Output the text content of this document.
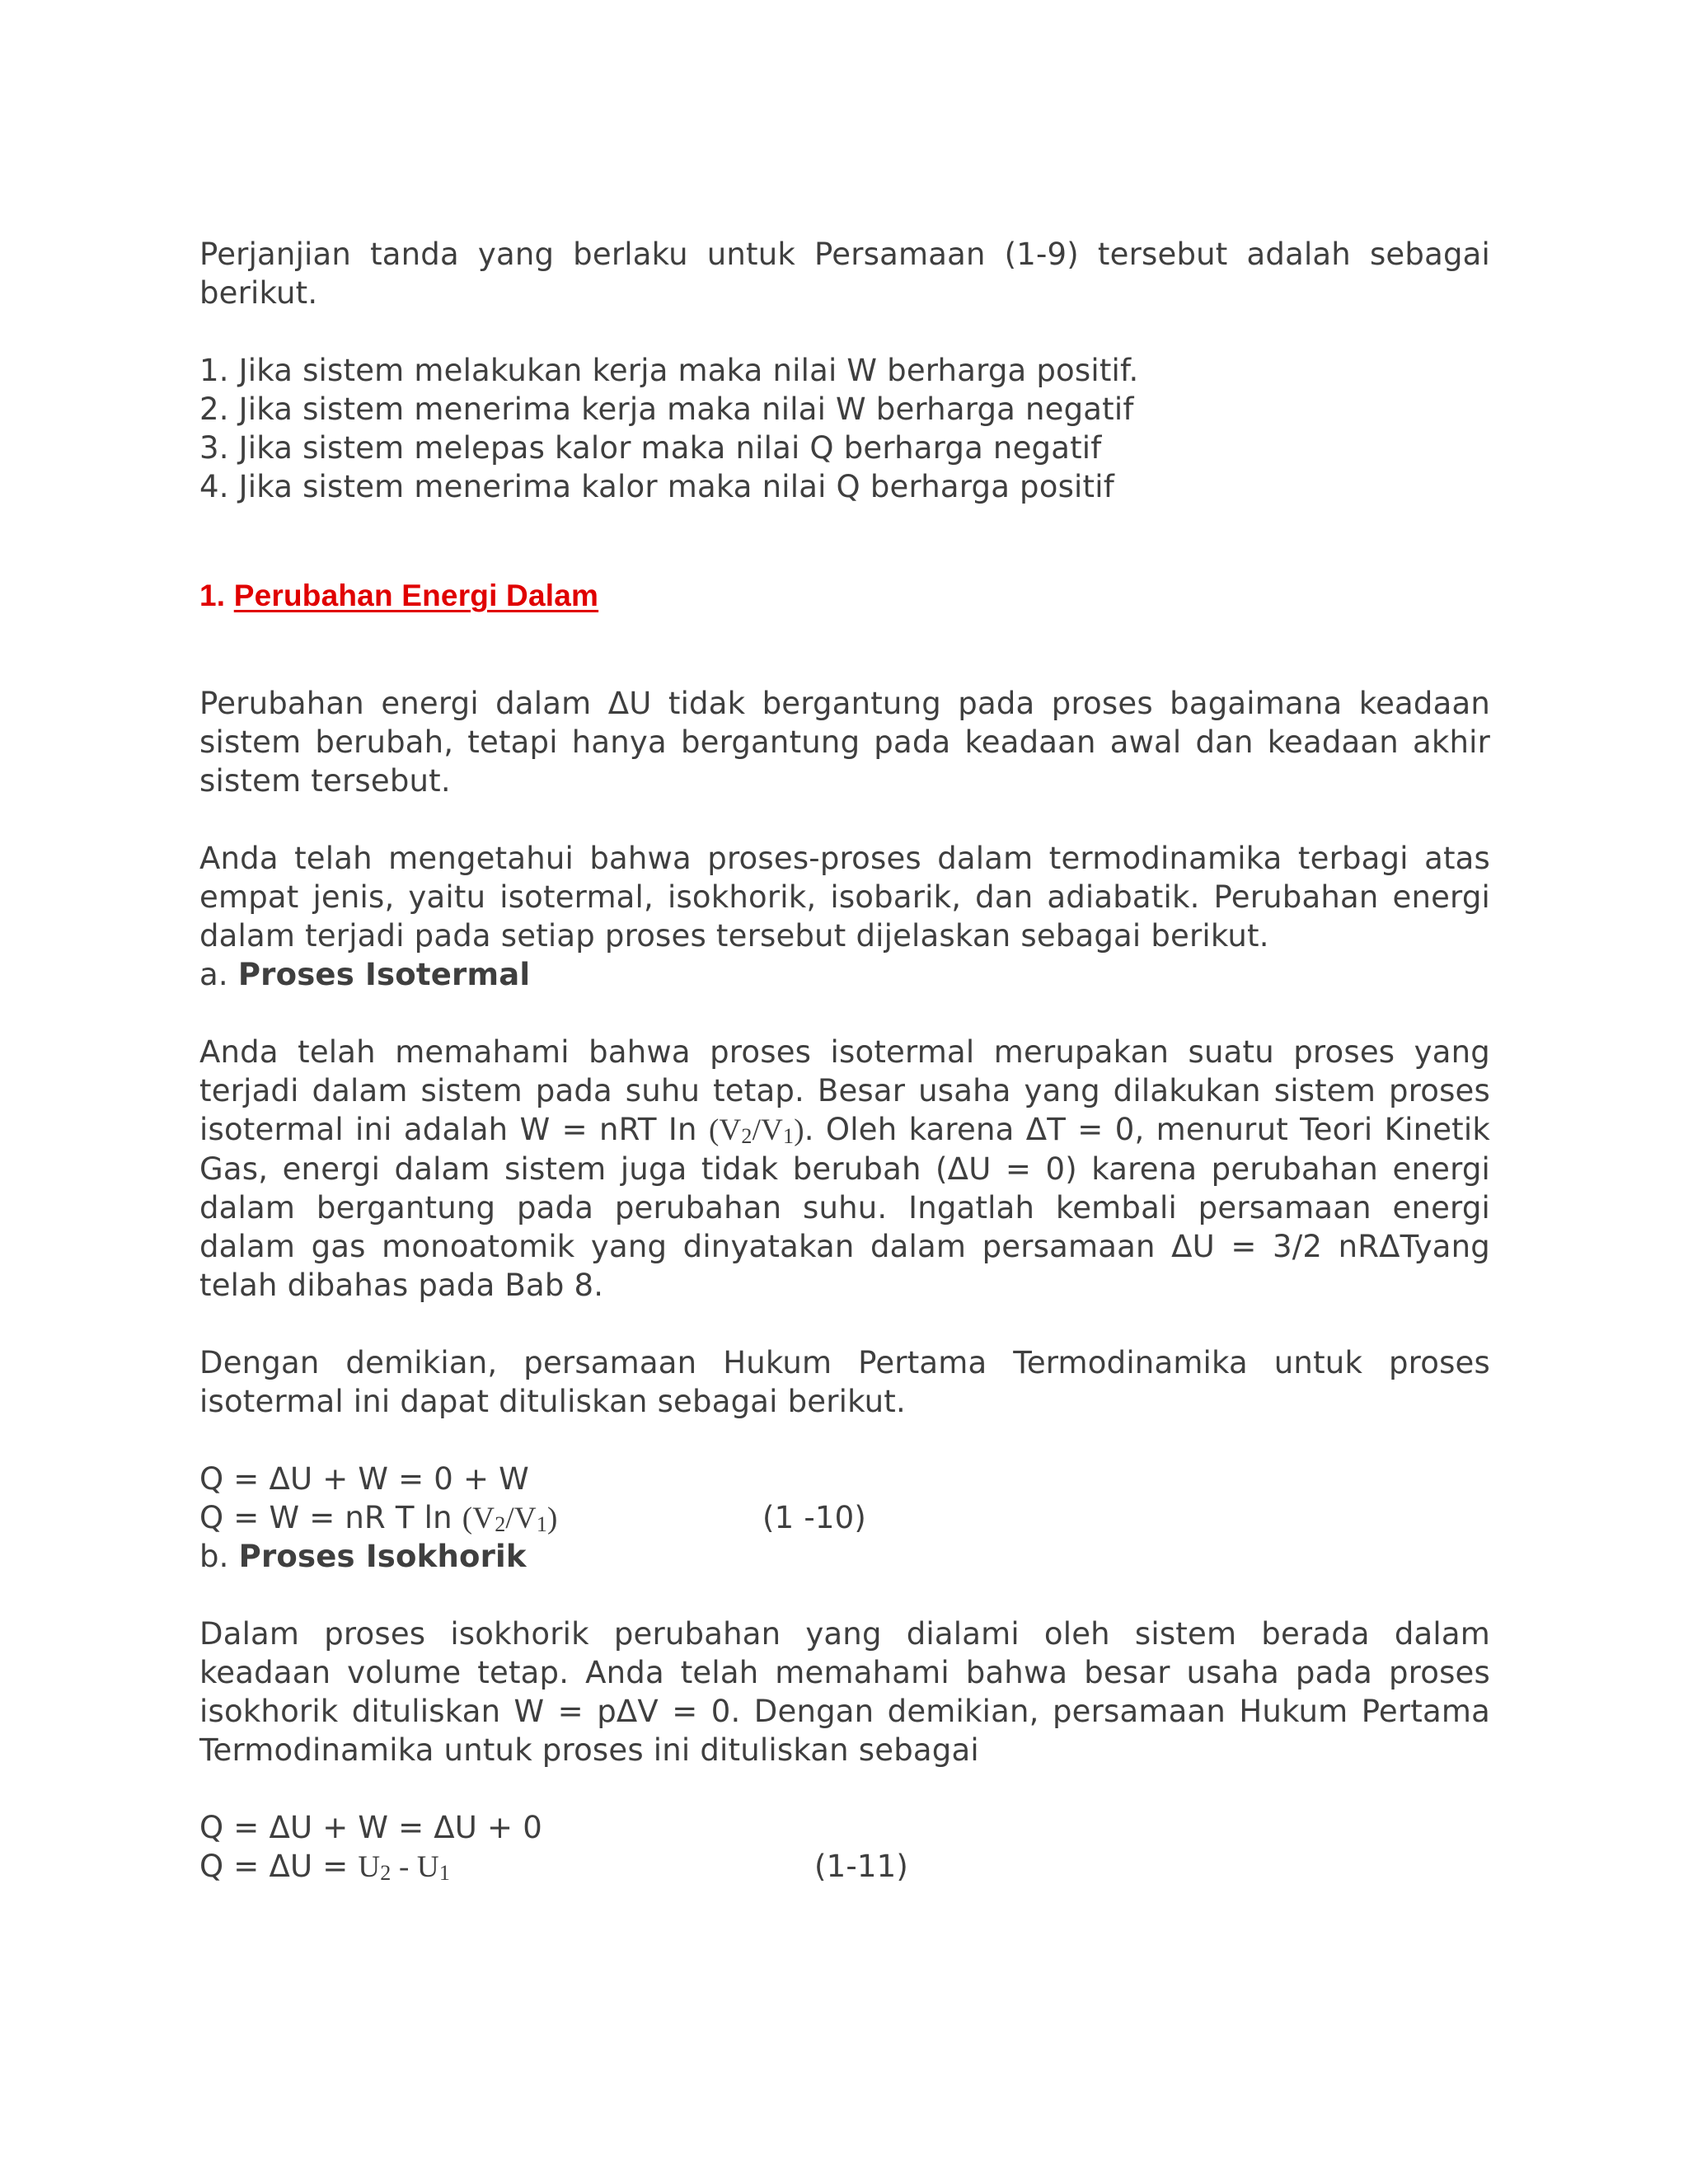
Perjanjian tanda yang berlaku untuk Persamaan (1-9) tersebut adalah sebagai berikut.

1. Jika sistem melakukan kerja maka nilai W berharga positif.

2. Jika sistem menerima kerja maka nilai W berharga negatif

3. Jika sistem melepas kalor maka nilai Q berharga negatif

4. Jika sistem menerima kalor maka nilai Q berharga positif

1. Perubahan Energi Dalam

Perubahan energi dalam ΔU tidak bergantung pada proses bagaimana keadaan sistem berubah, tetapi hanya bergantung pada keadaan awal dan keadaan akhir sistem tersebut.

Anda telah mengetahui bahwa proses-proses dalam termodinamika terbagi atas empat jenis, yaitu isotermal, isokhorik, isobarik, dan adiabatik. Perubahan energi dalam terjadi pada setiap proses tersebut dijelaskan sebagai berikut.

a. Proses Isotermal

Anda telah memahami bahwa proses isotermal merupakan suatu proses yang terjadi dalam sistem pada suhu tetap. Besar usaha yang dilakukan sistem proses isotermal ini adalah W = nRT In (V2/V1). Oleh karena ΔT = 0, menurut Teori Kinetik Gas, energi dalam sistem juga tidak berubah (ΔU = 0) karena perubahan energi dalam bergantung pada perubahan suhu. Ingatlah kembali persamaan energi dalam gas monoatomik yang dinyatakan dalam persamaan ΔU = 3/2 nRΔTyang telah dibahas pada Bab 8.

Dengan demikian, persamaan Hukum Pertama Termodinamika untuk proses isotermal ini dapat dituliskan sebagai berikut.

Q = ΔU + W = 0 + W

Q = W = nR T ln (V2/V1)	(1 -10)

b. Proses Isokhorik

Dalam proses isokhorik perubahan yang dialami oleh sistem berada dalam keadaan volume tetap. Anda telah memahami bahwa besar usaha pada proses isokhorik dituliskan W = pΔV = 0. Dengan demikian, persamaan Hukum Pertama Termodinamika untuk proses ini dituliskan sebagai

Q = ΔU + W = ΔU + 0

Q = ΔU = U2 - U1	(1-11)
